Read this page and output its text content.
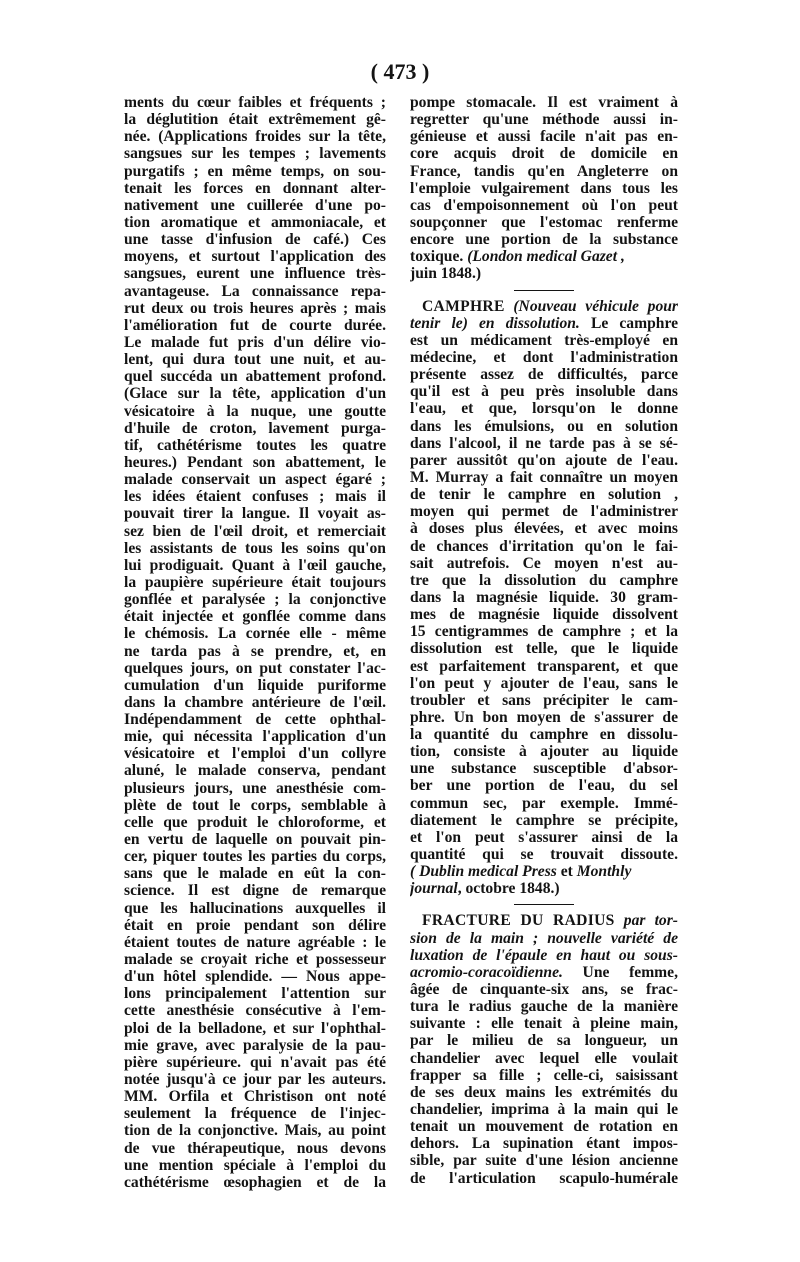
( 473 )
ments du cœur faibles et fréquents ;
la déglutition était extrêmement gê-
née. (Applications froides sur la tête,
sangsues sur les tempes ; lavements
purgatifs ; en même temps, on sou-
tenait les forces en donnant alter-
nativement une cuillerée d'une po-
tion aromatique et ammoniacale, et
une tasse d'infusion de café.) Ces
moyens, et surtout l'application des
sangsues, eurent une influence très-
avantageuse. La connaissance repa-
rut deux ou trois heures après ; mais
l'amélioration fut de courte durée.
Le malade fut pris d'un délire vio-
lent, qui dura tout une nuit, et au-
quel succéda un abattement profond.
(Glace sur la tête, application d'un
vésicatoire à la nuque, une goutte
d'huile de croton, lavement purga-
tif, cathétérisme toutes les quatre
heures.) Pendant son abattement, le
malade conservait un aspect égaré ;
les idées étaient confuses ; mais il
pouvait tirer la langue. Il voyait as-
sez bien de l'œil droit, et remerciait
les assistants de tous les soins qu'on
lui prodiguait. Quant à l'œil gauche,
la paupière supérieure était toujours
gonflée et paralysée ; la conjonctive
était injectée et gonflée comme dans
le chémosis. La cornée elle - même
ne tarda pas à se prendre, et, en
quelques jours, on put constater l'ac-
cumulation d'un liquide puriforme
dans la chambre antérieure de l'œil.
Indépendamment de cette ophthal-
mie, qui nécessita l'application d'un
vésicatoire et l'emploi d'un collyre
aluné, le malade conserva, pendant
plusieurs jours, une anesthésie com-
plète de tout le corps, semblable à
celle que produit le chloroforme, et
en vertu de laquelle on pouvait pin-
cer, piquer toutes les parties du corps,
sans que le malade en eût la con-
science. Il est digne de remarque
que les hallucinations auxquelles il
était en proie pendant son délire
étaient toutes de nature agréable : le
malade se croyait riche et possesseur
d'un hôtel splendide. — Nous appe-
lons principalement l'attention sur
cette anesthésie consécutive à l'em-
ploi de la belladone, et sur l'ophthal-
mie grave, avec paralysie de la pau-
pière supérieure. qui n'avait pas été
notée jusqu'à ce jour par les auteurs.
MM. Orfila et Christison ont noté
seulement la fréquence de l'injec-
tion de la conjonctive. Mais, au point
de vue thérapeutique, nous devons
une mention spéciale à l'emploi du
cathétérisme œsophagien et de la
pompe stomacale. Il est vraiment à
regretter qu'une méthode aussi in-
génieuse et aussi facile n'ait pas en-
core acquis droit de domicile en
France, tandis qu'en Angleterre on
l'emploie vulgairement dans tous les
cas d'empoisonnement où l'on peut
soupçonner que l'estomac renferme
encore une portion de la substance
toxique. (London medical Gazet ,
juin 1848.)
CAMPHRE (Nouveau véhicule pour
tenir le) en dissolution. Le camphre
est un médicament très-employé en
médecine, et dont l'administration
présente assez de difficultés, parce
qu'il est à peu près insoluble dans
l'eau, et que, lorsqu'on le donne
dans les émulsions, ou en solution
dans l'alcool, il ne tarde pas à se sé-
parer aussitôt qu'on ajoute de l'eau.
M. Murray a fait connaître un moyen
de tenir le camphre en solution ,
moyen qui permet de l'administrer
à doses plus élevées, et avec moins
de chances d'irritation qu'on le fai-
sait autrefois. Ce moyen n'est au-
tre que la dissolution du camphre
dans la magnésie liquide. 30 gram-
mes de magnésie liquide dissolvent
15 centigrammes de camphre ; et la
dissolution est telle, que le liquide
est parfaitement transparent, et que
l'on peut y ajouter de l'eau, sans le
troubler et sans précipiter le cam-
phre. Un bon moyen de s'assurer de
la quantité du camphre en dissolu-
tion, consiste à ajouter au liquide
une substance susceptible d'absor-
ber une portion de l'eau, du sel
commun sec, par exemple. Immé-
diatement le camphre se précipite,
et l'on peut s'assurer ainsi de la
quantité qui se trouvait dissoute.
( Dublin medical Press et Monthly
journal, octobre 1848.)
FRACTURE DU RADIUS par tor-
sion de la main ; nouvelle variété de
luxation de l'épaule en haut ou sous-
acromio-coracoïdienne. Une femme,
âgée de cinquante-six ans, se frac-
tura le radius gauche de la manière
suivante : elle tenait à pleine main,
par le milieu de sa longueur, un
chandelier avec lequel elle voulait
frapper sa fille ; celle-ci, saisissant
de ses deux mains les extrémités du
chandelier, imprima à la main qui le
tenait un mouvement de rotation en
dehors. La supination étant impos-
sible, par suite d'une lésion ancienne
de l'articulation scapulo-humérale
